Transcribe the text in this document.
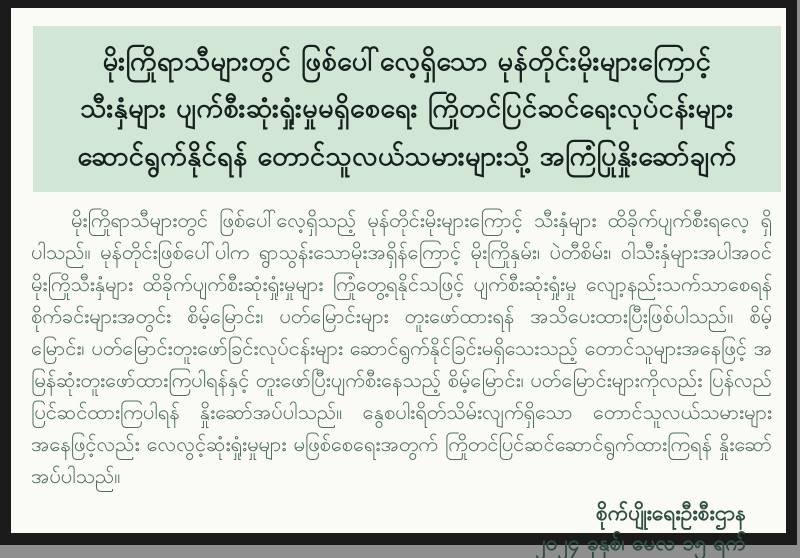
မိုးကြိုရာသီများတွင် ဖြစ်ပေါ်လေ့ရှိသော မုန်တိုင်းမိုးများကြောင့်
သီးနှံများ ပျက်စီးဆုံးရှုံးမှုမရှိစေရေး ကြိုတင်ပြင်ဆင်ရေးလုပ်ငန်းများ
ဆောင်ရွက်နိုင်ရန် တောင်သူလယ်သမားများသို့ အကြံပြုနှိုးဆော်ချက်

မိုးကြိုရာသီများတွင် ဖြစ်ပေါ်လေ့ရှိသည့် မုန်တိုင်းမိုးများကြောင့် သီးနှံများ ထိခိုက်ပျက်စီးရလေ့ ရှိပါသည်။ မုန်တိုင်းဖြစ်ပေါ်ပါက ရွာသွန်းသောမိုးအရှိန်ကြောင့် မိုးကြိုနှမ်း၊ ပဲတီစိမ်း၊ ဝါသီးနှံများအပါအဝင် မိုးကြိုသီးနှံများ ထိခိုက်ပျက်စီးဆုံးရှုံးမှုများ ကြုံတွေ့ရနိုင်သဖြင့် ပျက်စီးဆုံးရှုံးမှု လျော့နည်းသက်သာစေရန် စိုက်ခင်းများအတွင်း စိမ့်မြောင်း၊ ပတ်မြောင်းများ တူးဖော်ထားရန် အသိပေးထားပြီးဖြစ်ပါသည်။ စိမ့်မြောင်း၊ ပတ်မြောင်းတူးဖော်ခြင်းလုပ်ငန်းများ ဆောင်ရွက်နိုင်ခြင်းမရှိသေးသည့် တောင်သူများအနေဖြင့် အမြန်ဆုံးတူးဖော်ထားကြပါရန်နှင့် တူးဖော်ပြီးပျက်စီးနေသည့် စိမ့်မြောင်း၊ ပတ်မြောင်းများကိုလည်း ပြန်လည်ပြင်ဆင်ထားကြပါရန် နှိုးဆော်အပ်ပါသည်။ နွေစပါးရိတ်သိမ်းလျက်ရှိသော တောင်သူလယ်သမားများအနေဖြင့်လည်း လေလွင့်ဆုံးရှုံးမှုများ မဖြစ်စေရေးအတွက် ကြိုတင်ပြင်ဆင်ဆောင်ရွက်ထားကြရန် နှိုးဆော်အပ်ပါသည်။

စိုက်ပျိုးရေးဦးစီးဌာန
၂၀၂၄ ခုနှစ်၊ မေလ ၁၅ ရက်
